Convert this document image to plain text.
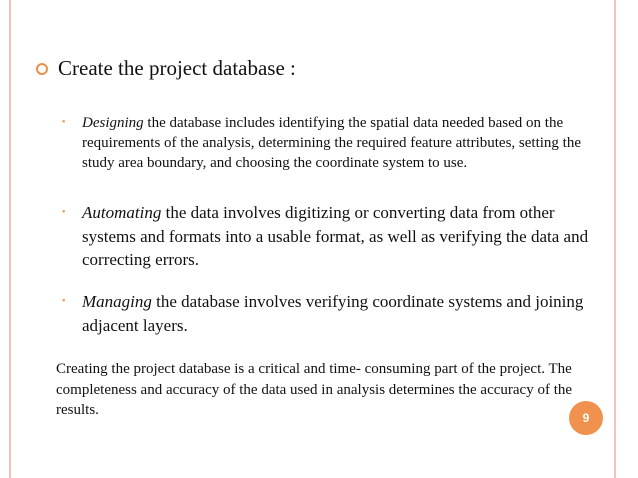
Create the project database :
•	Designing the database includes identifying the spatial data needed based on the requirements of the analysis, determining the required feature attributes, setting the study area boundary, and choosing the coordinate system to use.
• Automating the data involves digitizing or converting data from other systems and formats into a usable format, as well as verifying the data and correcting errors.
• Managing the database involves verifying coordinate systems and joining adjacent layers.
Creating the project database is a critical and time- consuming part of the project. The completeness and accuracy of the data used in analysis determines the accuracy of the results.	9
